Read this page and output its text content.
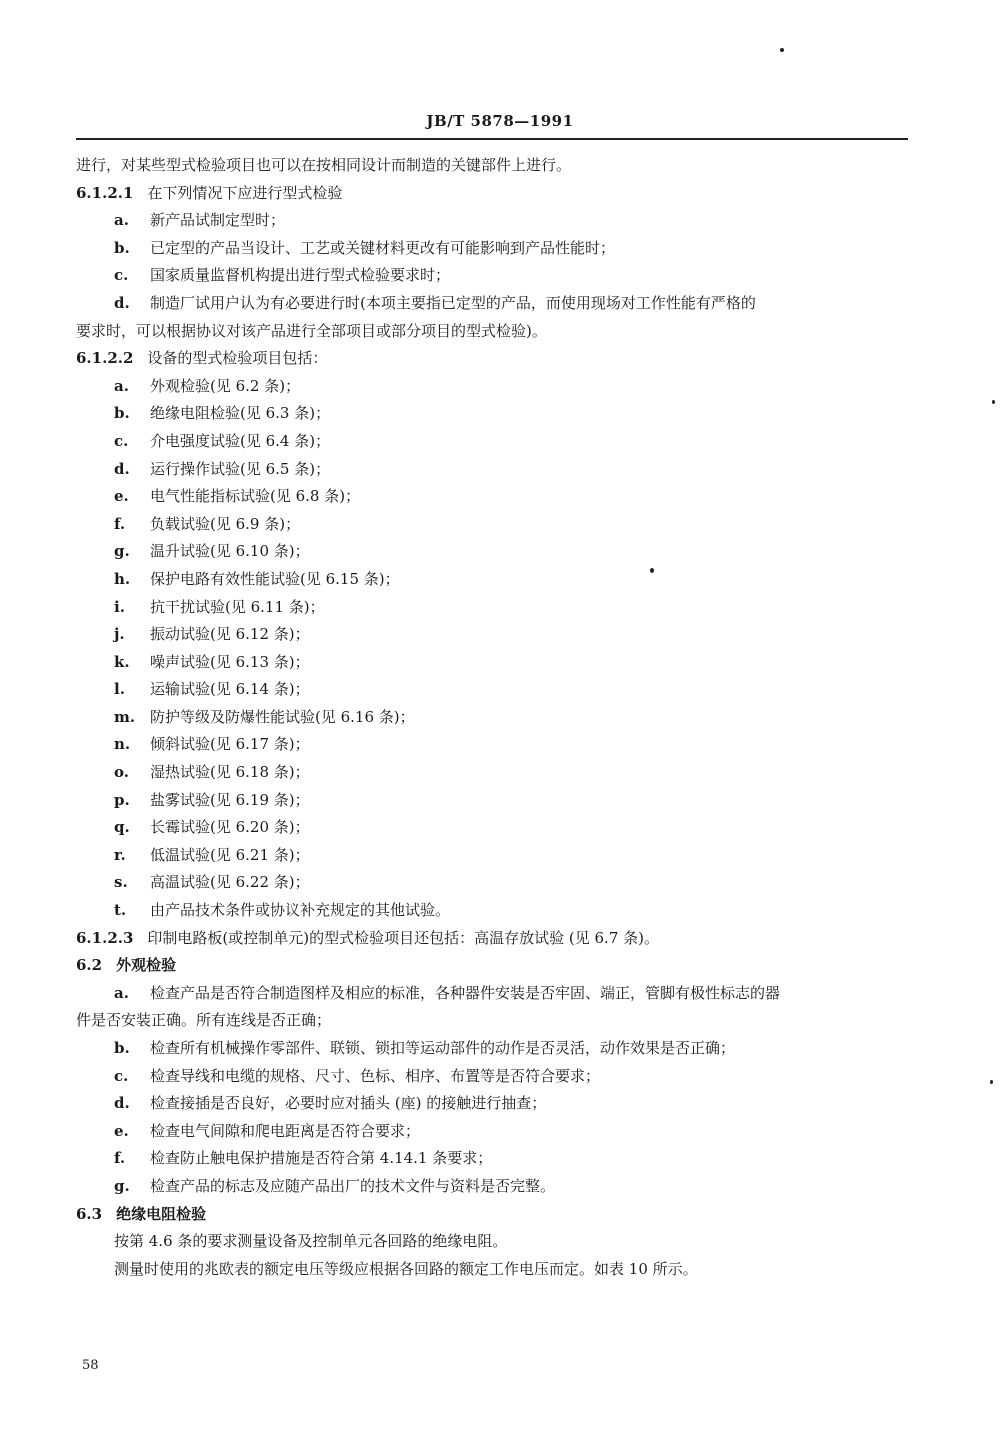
JB/T 5878—1991
进行，对某些型式检验项目也可以在按相同设计而制造的关键部件上进行。
6.1.2.1 在下列情况下应进行型式检验
a. 新产品试制定型时；
b. 已定型的产品当设计、工艺或关键材料更改有可能影响到产品性能时；
c. 国家质量监督机构提出进行型式检验要求时；
d. 制造厂试用户认为有必要进行时(本项主要指已定型的产品，而使用现场对工作性能有严格的
要求时，可以根据协议对该产品进行全部项目或部分项目的型式检验)。
6.1.2.2 设备的型式检验项目包括：
a. 外观检验(见 6.2 条)；
b. 绝缘电阻检验(见 6.3 条)；
c. 介电强度试验(见 6.4 条)；
d. 运行操作试验(见 6.5 条)；
e. 电气性能指标试验(见 6.8 条)；
f. 负载试验(见 6.9 条)；
g. 温升试验(见 6.10 条)；
h. 保护电路有效性能试验(见 6.15 条)；
i. 抗干扰试验(见 6.11 条)；
j. 振动试验(见 6.12 条)；
k. 噪声试验(见 6.13 条)；
l. 运输试验(见 6.14 条)；
m. 防护等级及防爆性能试验(见 6.16 条)；
n. 倾斜试验(见 6.17 条)；
o. 湿热试验(见 6.18 条)；
p. 盐雾试验(见 6.19 条)；
q. 长霉试验(见 6.20 条)；
r. 低温试验(见 6.21 条)；
s. 高温试验(见 6.22 条)；
t. 由产品技术条件或协议补充规定的其他试验。
6.1.2.3 印制电路板(或控制单元)的型式检验项目还包括：高温存放试验 (见 6.7 条)。
6.2 外观检验
a. 检查产品是否符合制造图样及相应的标准，各种器件安装是否牢固、端正，管脚有极性标志的器
件是否安装正确。所有连线是否正确；
b. 检查所有机械操作零部件、联锁、锁扣等运动部件的动作是否灵活，动作效果是否正确；
c. 检查导线和电缆的规格、尺寸、色标、相序、布置等是否符合要求；
d. 检查接插是否良好，必要时应对插头 (座) 的接触进行抽查；
e. 检查电气间隙和爬电距离是否符合要求；
f. 检查防止触电保护措施是否符合第 4.14.1 条要求；
g. 检查产品的标志及应随产品出厂的技术文件与资料是否完整。
6.3 绝缘电阻检验
按第 4.6 条的要求测量设备及控制单元各回路的绝缘电阻。
测量时使用的兆欧表的额定电压等级应根据各回路的额定工作电压而定。如表 10 所示。
58
